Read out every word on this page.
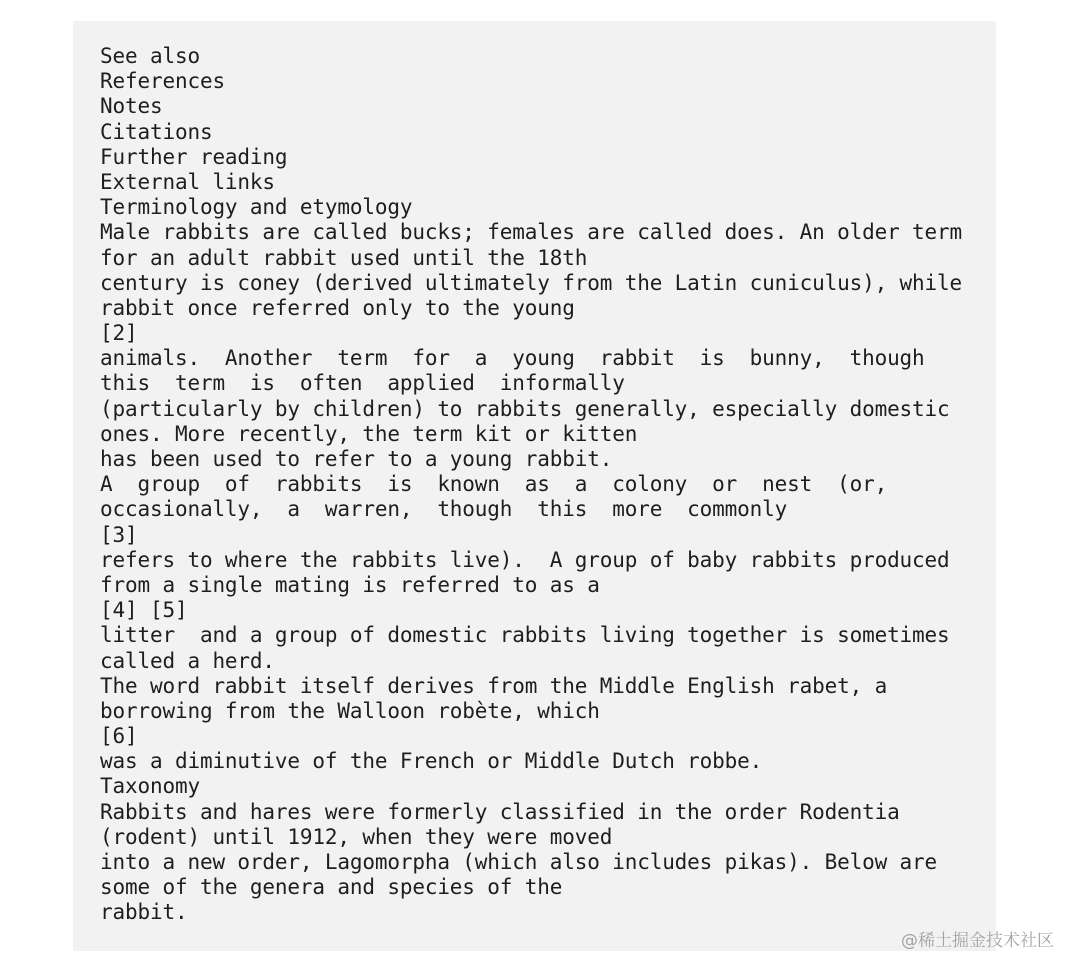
See also
References
Notes
Citations
Further reading
External links
Terminology and etymology
Male rabbits are called bucks; females are called does. An older term
for an adult rabbit used until the 18th
century is coney (derived ultimately from the Latin cuniculus), while
rabbit once referred only to the young
[2]
animals.  Another  term  for  a  young  rabbit  is  bunny,  though
this  term  is  often  applied  informally
(particularly by children) to rabbits generally, especially domestic
ones. More recently, the term kit or kitten
has been used to refer to a young rabbit.
A  group  of  rabbits  is  known  as  a  colony  or  nest  (or,
occasionally,  a  warren,  though  this  more  commonly
[3]
refers to where the rabbits live).  A group of baby rabbits produced
from a single mating is referred to as a
[4] [5]
litter  and a group of domestic rabbits living together is sometimes
called a herd.
The word rabbit itself derives from the Middle English rabet, a
borrowing from the Walloon robète, which
[6]
was a diminutive of the French or Middle Dutch robbe.
Taxonomy
Rabbits and hares were formerly classified in the order Rodentia
(rodent) until 1912, when they were moved
into a new order, Lagomorpha (which also includes pikas). Below are
some of the genera and species of the
rabbit.
@稀土掘金技术社区
